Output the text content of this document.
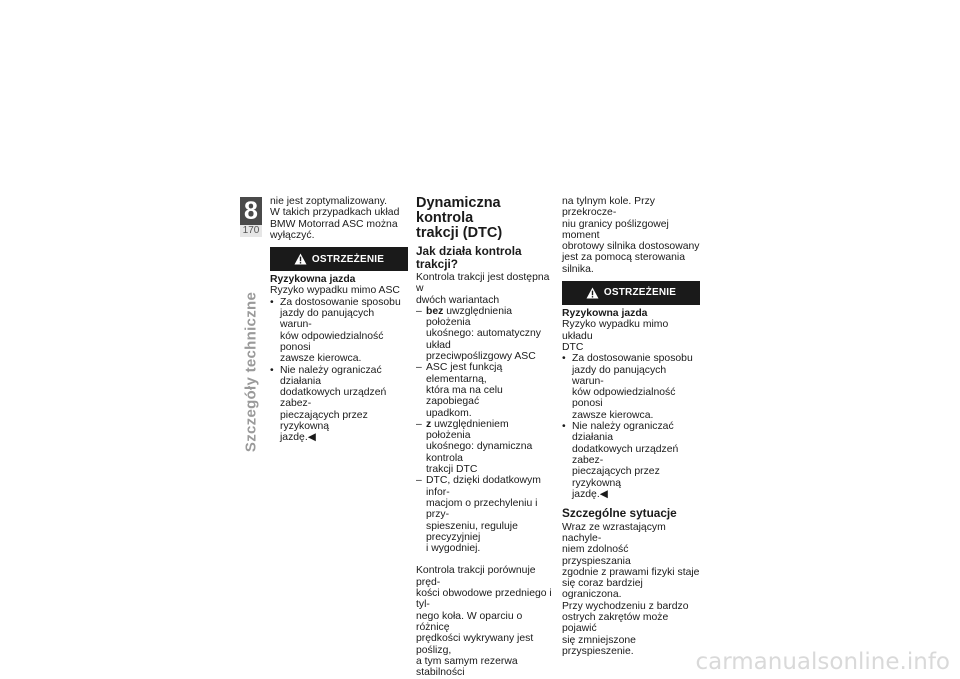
8
170
Szczegóły techniczne

nie jest zoptymalizowany.
W takich przypadkach układ
BMW Motorrad ASC można
wyłączyć.

OSTRZEŻENIE

Ryzykowna jazda

Ryzyko wypadku mimo ASC

• Za dostosowanie sposobu
jazdy do panujących warun-
ków odpowiedzialność ponosi
zawsze kierowca.
• Nie należy ograniczać działania
dodatkowych urządzeń zabez-
pieczających przez ryzykowną
jazdę.◀
Dynamiczna kontrola
trakcji (DTC)
Jak działa kontrola
trakcji?

Kontrola trakcji jest dostępna w
dwóch wariantach

– bez uwzględnienia położenia
ukośnego: automatyczny układ
przeciwpoślizgowy ASC
– ASC jest funkcją elementarną,
która ma na celu zapobiegać
upadkom.
– z uwzględnieniem położenia
ukośnego: dynamiczna kontrola
trakcji DTC
– DTC, dzięki dodatkowym infor-
macjom o przechyleniu i przy-
spieszeniu, reguluje precyzyjniej
i wygodniej.

Kontrola trakcji porównuje pręd-
kości obwodowe przedniego i tyl-
nego koła. W oparciu o różnicę
prędkości wykrywany jest poślizg,
a tym samym rezerwa stabilności

na tylnym kole. Przy przekrocze-
niu granicy poślizgowej moment
obrotowy silnika dostosowany
jest za pomocą sterowania silnika.

OSTRZEŻENIE

Ryzykowna jazda

Ryzyko wypadku mimo układu
DTC

• Za dostosowanie sposobu
jazdy do panujących warun-
ków odpowiedzialność ponosi
zawsze kierowca.
• Nie należy ograniczać działania
dodatkowych urządzeń zabez-
pieczających przez ryzykowną
jazdę.◀
Szczególne sytuacje

Wraz ze wzrastającym nachyle-
niem zdolność przyspieszania
zgodnie z prawami fizyki staje
się coraz bardziej ograniczona.
Przy wychodzeniu z bardzo
ostrych zakrętów może pojawić
się zmniejszone przyspieszenie.	carmanualsonline.info
